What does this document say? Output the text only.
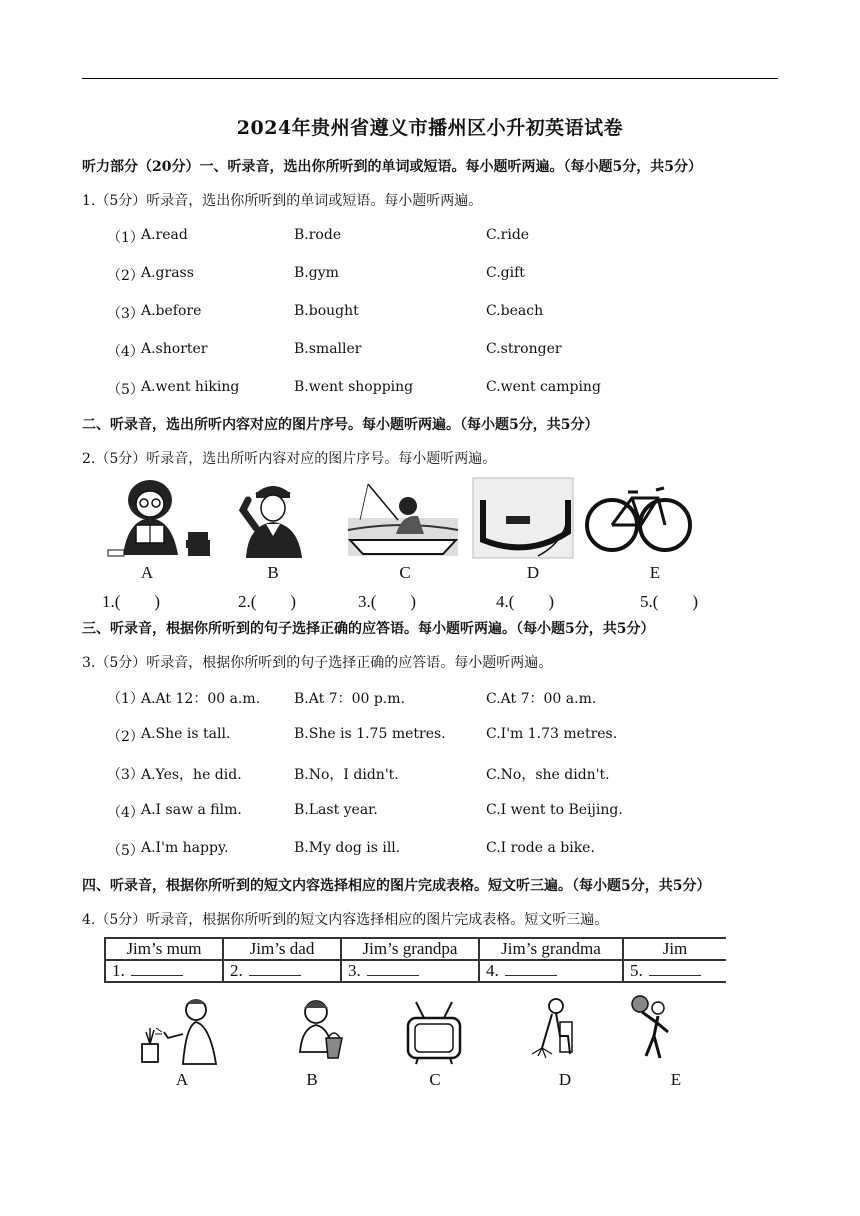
2024年贵州省遵义市播州区小升初英语试卷
听力部分（20分）一、听录音，选出你所听到的单词或短语。每小题听两遍。（每小题5分，共5分）
1.（5分）听录音，选出你所听到的单词或短语。每小题听两遍。
（1）
A.read	B.rode	C.ride
（2）
A.grass	B.gym	C.gift
（3）
A.before	B.bought	C.beach
（4）
A.shorter	B.smaller	C.stronger
（5）
A.went hiking	B.went shopping	C.went camping
二、听录音，选出所听内容对应的图片序号。每小题听两遍。（每小题5分，共5分）
2.（5分）听录音，选出所听内容对应的图片序号。每小题听两遍。
A	B	C	D	E
1.(　　)	2.(　　)	3.(　　)	4.(　　)	5.(　　)
三、听录音，根据你所听到的句子选择正确的应答语。每小题听两遍。（每小题5分，共5分）
3.（5分）听录音，根据你所听到的句子选择正确的应答语。每小题听两遍。
（1）
A.At 12：00 a.m. B.At 7：00 p.m.	C.At 7：00 a.m.
（2）
A.She is tall.	B.She is 1.75 metres.	C.I'm 1.73 metres.
（3）
A.Yes，he did.	B.No，I didn't.	C.No，she didn't.
（4）
A.I saw a film.	B.Last year.	C.I went to Beijing.
（5）
A.I'm happy.	B.My dog is ill.	C.I rode a bike.
四、听录音，根据你所听到的短文内容选择相应的图片完成表格。短文听三遍。（每小题5分，共5分）
4.（5分）听录音，根据你所听到的短文内容选择相应的图片完成表格。短文听三遍。
Jim’s mum	Jim’s dad	Jim’s grandpa	Jim’s grandma	Jim
1.	2.	3.	4.	5.
A	B	C	D	E
